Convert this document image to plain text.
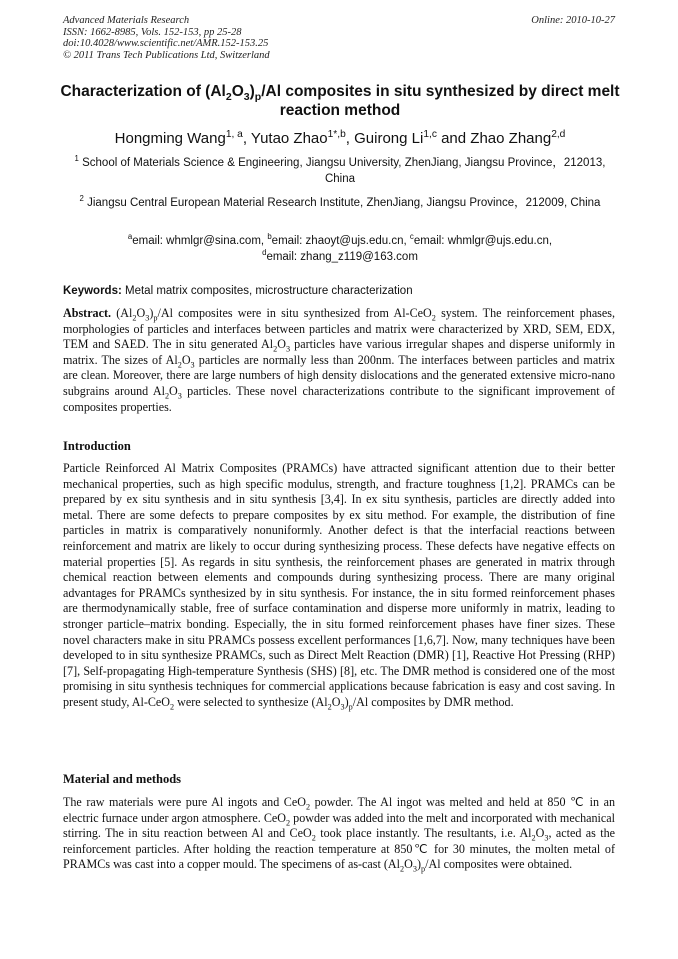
Advanced Materials Research
ISSN: 1662-8985, Vols. 152-153, pp 25-28
doi:10.4028/www.scientific.net/AMR.152-153.25
© 2011 Trans Tech Publications Ltd, Switzerland
Online: 2010-10-27
Characterization of $(Al_2O_3)_p/Al$ composites in situ synthesized by direct melt reaction method
Hongming Wang$^{1, a}$, Yutao Zhao$^{1*,b}$, Guirong Li$^{1,c}$ and Zhao Zhang$^{2,d}$
$^1$ School of Materials Science & Engineering, Jiangsu University, ZhenJiang, Jiangsu Province，212013, China
$^2$ Jiangsu Central European Material Research Institute, ZhenJiang, Jiangsu Province，212009, China
$^a$email: whmlgr@sina.com, $^b$email: zhaoyt@ujs.edu.cn, $^c$email: whmlgr@ujs.edu.cn,
$^d$email: zhang_z119@163.com
Keywords: Metal matrix composites, microstructure characterization
Abstract. $(Al_2O_3)_p/Al$ composites were in situ synthesized from Al-CeO$_2$ system. The reinforcement phases, morphologies of particles and interfaces between particles and matrix were characterized by XRD, SEM, EDX, TEM and SAED. The in situ generated $Al_2O_3$ particles have various irregular shapes and disperse uniformly in matrix. The sizes of $Al_2O_3$ particles are normally less than 200nm. The interfaces between particles and matrix are clean. Moreover, there are large numbers of high density dislocations and the generated extensive micro-nano subgrains around $Al_2O_3$ particles. These novel characterizations contribute to the significant improvement of composites properties.
Introduction
Particle Reinforced Al Matrix Composites (PRAMCs) have attracted significant attention due to their better mechanical properties, such as high specific modulus, strength, and fracture toughness [1,2]. PRAMCs can be prepared by ex situ synthesis and in situ synthesis [3,4]. In ex situ synthesis, particles are directly added into metal. There are some defects to prepare composites by ex situ method. For example, the distribution of fine particles in matrix is comparatively nonuniformly. Another defect is that the interfacial reactions between reinforcement and matrix are likely to occur during synthesizing process. These defects have negative effects on material properties [5]. As regards in situ synthesis, the reinforcement phases are generated in matrix through chemical reaction between elements and compounds during synthesizing process. There are many original advantages for PRAMCs synthesized by in situ synthesis. For instance, the in situ formed reinforcement phases are thermodynamically stable, free of surface contamination and disperse more uniformly in matrix, leading to stronger particle–matrix bonding. Especially, the in situ formed reinforcement phases have finer sizes. These novel characters make in situ PRAMCs possess excellent performances [1,6,7]. Now, many techniques have been developed to in situ synthesize PRAMCs, such as Direct Melt Reaction (DMR) [1], Reactive Hot Pressing (RHP) [7], Self-propagating High-temperature Synthesis (SHS) [8], etc. The DMR method is considered one of the most promising in situ synthesis techniques for commercial applications because fabrication is easy and cost saving. In present study, Al-CeO$_2$ were selected to synthesize $(Al_2O_3)_p/Al$ composites by DMR method.
Material and methods
The raw materials were pure Al ingots and CeO$_2$ powder. The Al ingot was melted and held at 850 ℃ in an electric furnace under argon atmosphere. CeO$_2$ powder was added into the melt and incorporated with mechanical stirring. The in situ reaction between Al and CeO$_2$ took place instantly. The resultants, i.e. $Al_2O_3$, acted as the reinforcement particles. After holding the reaction temperature at 850℃ for 30 minutes, the molten metal of PRAMCs was cast into a copper mould. The specimens of as-cast $(Al_2O_3)_p/Al$ composites were obtained.
